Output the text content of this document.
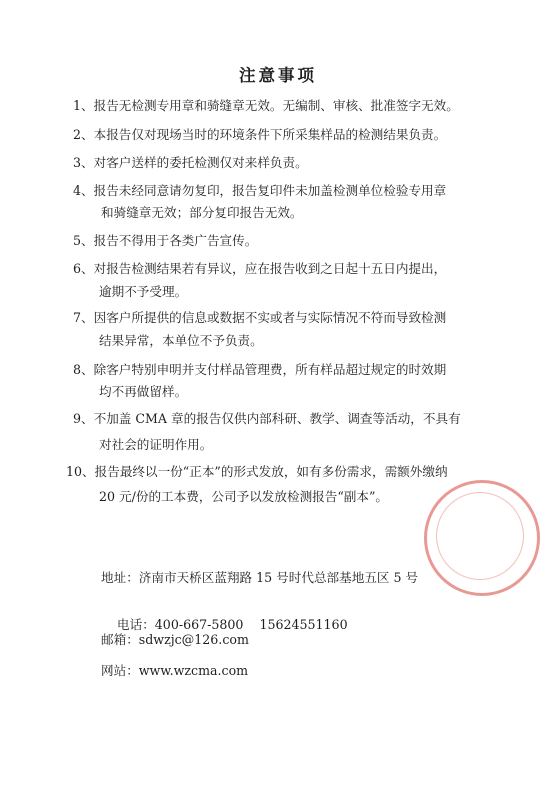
注意事项
1、报告无检测专用章和骑缝章无效。无编制、审核、批准签字无效。
2、本报告仅对现场当时的环境条件下所采集样品的检测结果负责。
3、对客户送样的委托检测仅对来样负责。
4、报告未经同意请勿复印，报告复印件未加盖检测单位检验专用章
和骑缝章无效；部分复印报告无效。
5、报告不得用于各类广告宣传。
6、对报告检测结果若有异议，应在报告收到之日起十五日内提出，
逾期不予受理。
7、因客户所提供的信息或数据不实或者与实际情况不符而导致检测
结果异常，本单位不予负责。
8、除客户特别申明并支付样品管理费，所有样品超过规定的时效期
均不再做留样。
9、不加盖 CMA 章的报告仅供内部科研、教学、调查等活动，不具有
对社会的证明作用。
10、报告最终以一份“正本”的形式发放，如有多份需求，需额外缴纳
20 元/份的工本费，公司予以发放检测报告“副本”。
地址：济南市天桥区蓝翔路 15 号时代总部基地五区 5 号

电话：400-667-5800    15624551160

邮箱：sdwzjc@126.com
网站：www.wzcma.com
